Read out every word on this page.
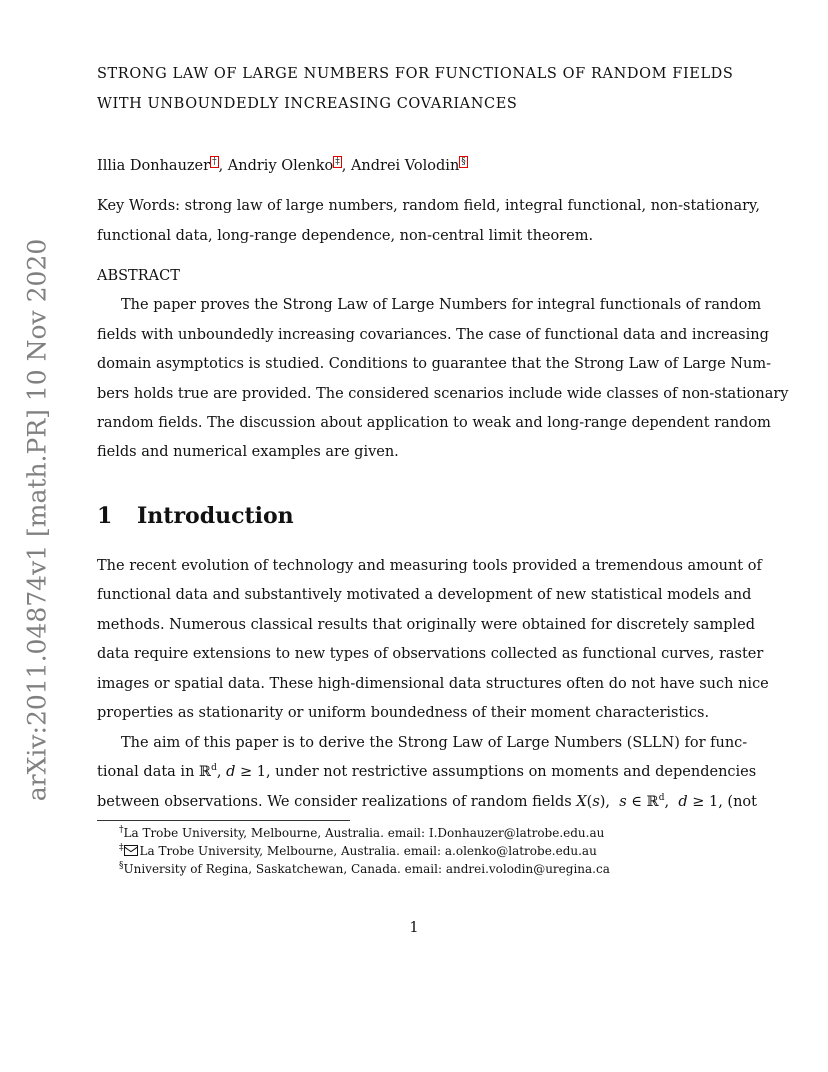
arXiv:2011.04874v1 [math.PR] 10 Nov 2020
STRONG LAW OF LARGE NUMBERS FOR FUNCTIONALS OF RANDOM FIELDS
WITH UNBOUNDEDLY INCREASING COVARIANCES
Illia Donhauzer † , Andriy Olenko ‡ , Andrei Volodin §
Key Words: strong law of large numbers, random field, integral functional, non-stationary,
functional data, long-range dependence, non-central limit theorem.
ABSTRACT
The paper proves the Strong Law of Large Numbers for integral functionals of random
fields with unboundedly increasing covariances. The case of functional data and increasing
domain asymptotics is studied. Conditions to guarantee that the Strong Law of Large Num-
bers holds true are provided. The considered scenarios include wide classes of non-stationary
random fields. The discussion about application to weak and long-range dependent random
fields and numerical examples are given.
1 Introduction
The recent evolution of technology and measuring tools provided a tremendous amount of
functional data and substantively motivated a development of new statistical models and
methods. Numerous classical results that originally were obtained for discretely sampled
data require extensions to new types of observations collected as functional curves, raster
images or spatial data. These high-dimensional data structures often do not have such nice
properties as stationarity or uniform boundedness of their moment characteristics.
The aim of this paper is to derive the Strong Law of Large Numbers (SLLN) for func-
tional data in ℝ$^d$, d ≥ 1, under not restrictive assumptions on moments and dependencies
between observations. We consider realizations of random fields X(s),  s ∈ ℝ$^d$,  d ≥ 1, (not
†La Trobe University, Melbourne, Australia. email: I.Donhauzer@latrobe.edu.au
‡ La Trobe University, Melbourne, Australia. email: a.olenko@latrobe.edu.au
§University of Regina, Saskatchewan, Canada. email: andrei.volodin@uregina.ca
1
